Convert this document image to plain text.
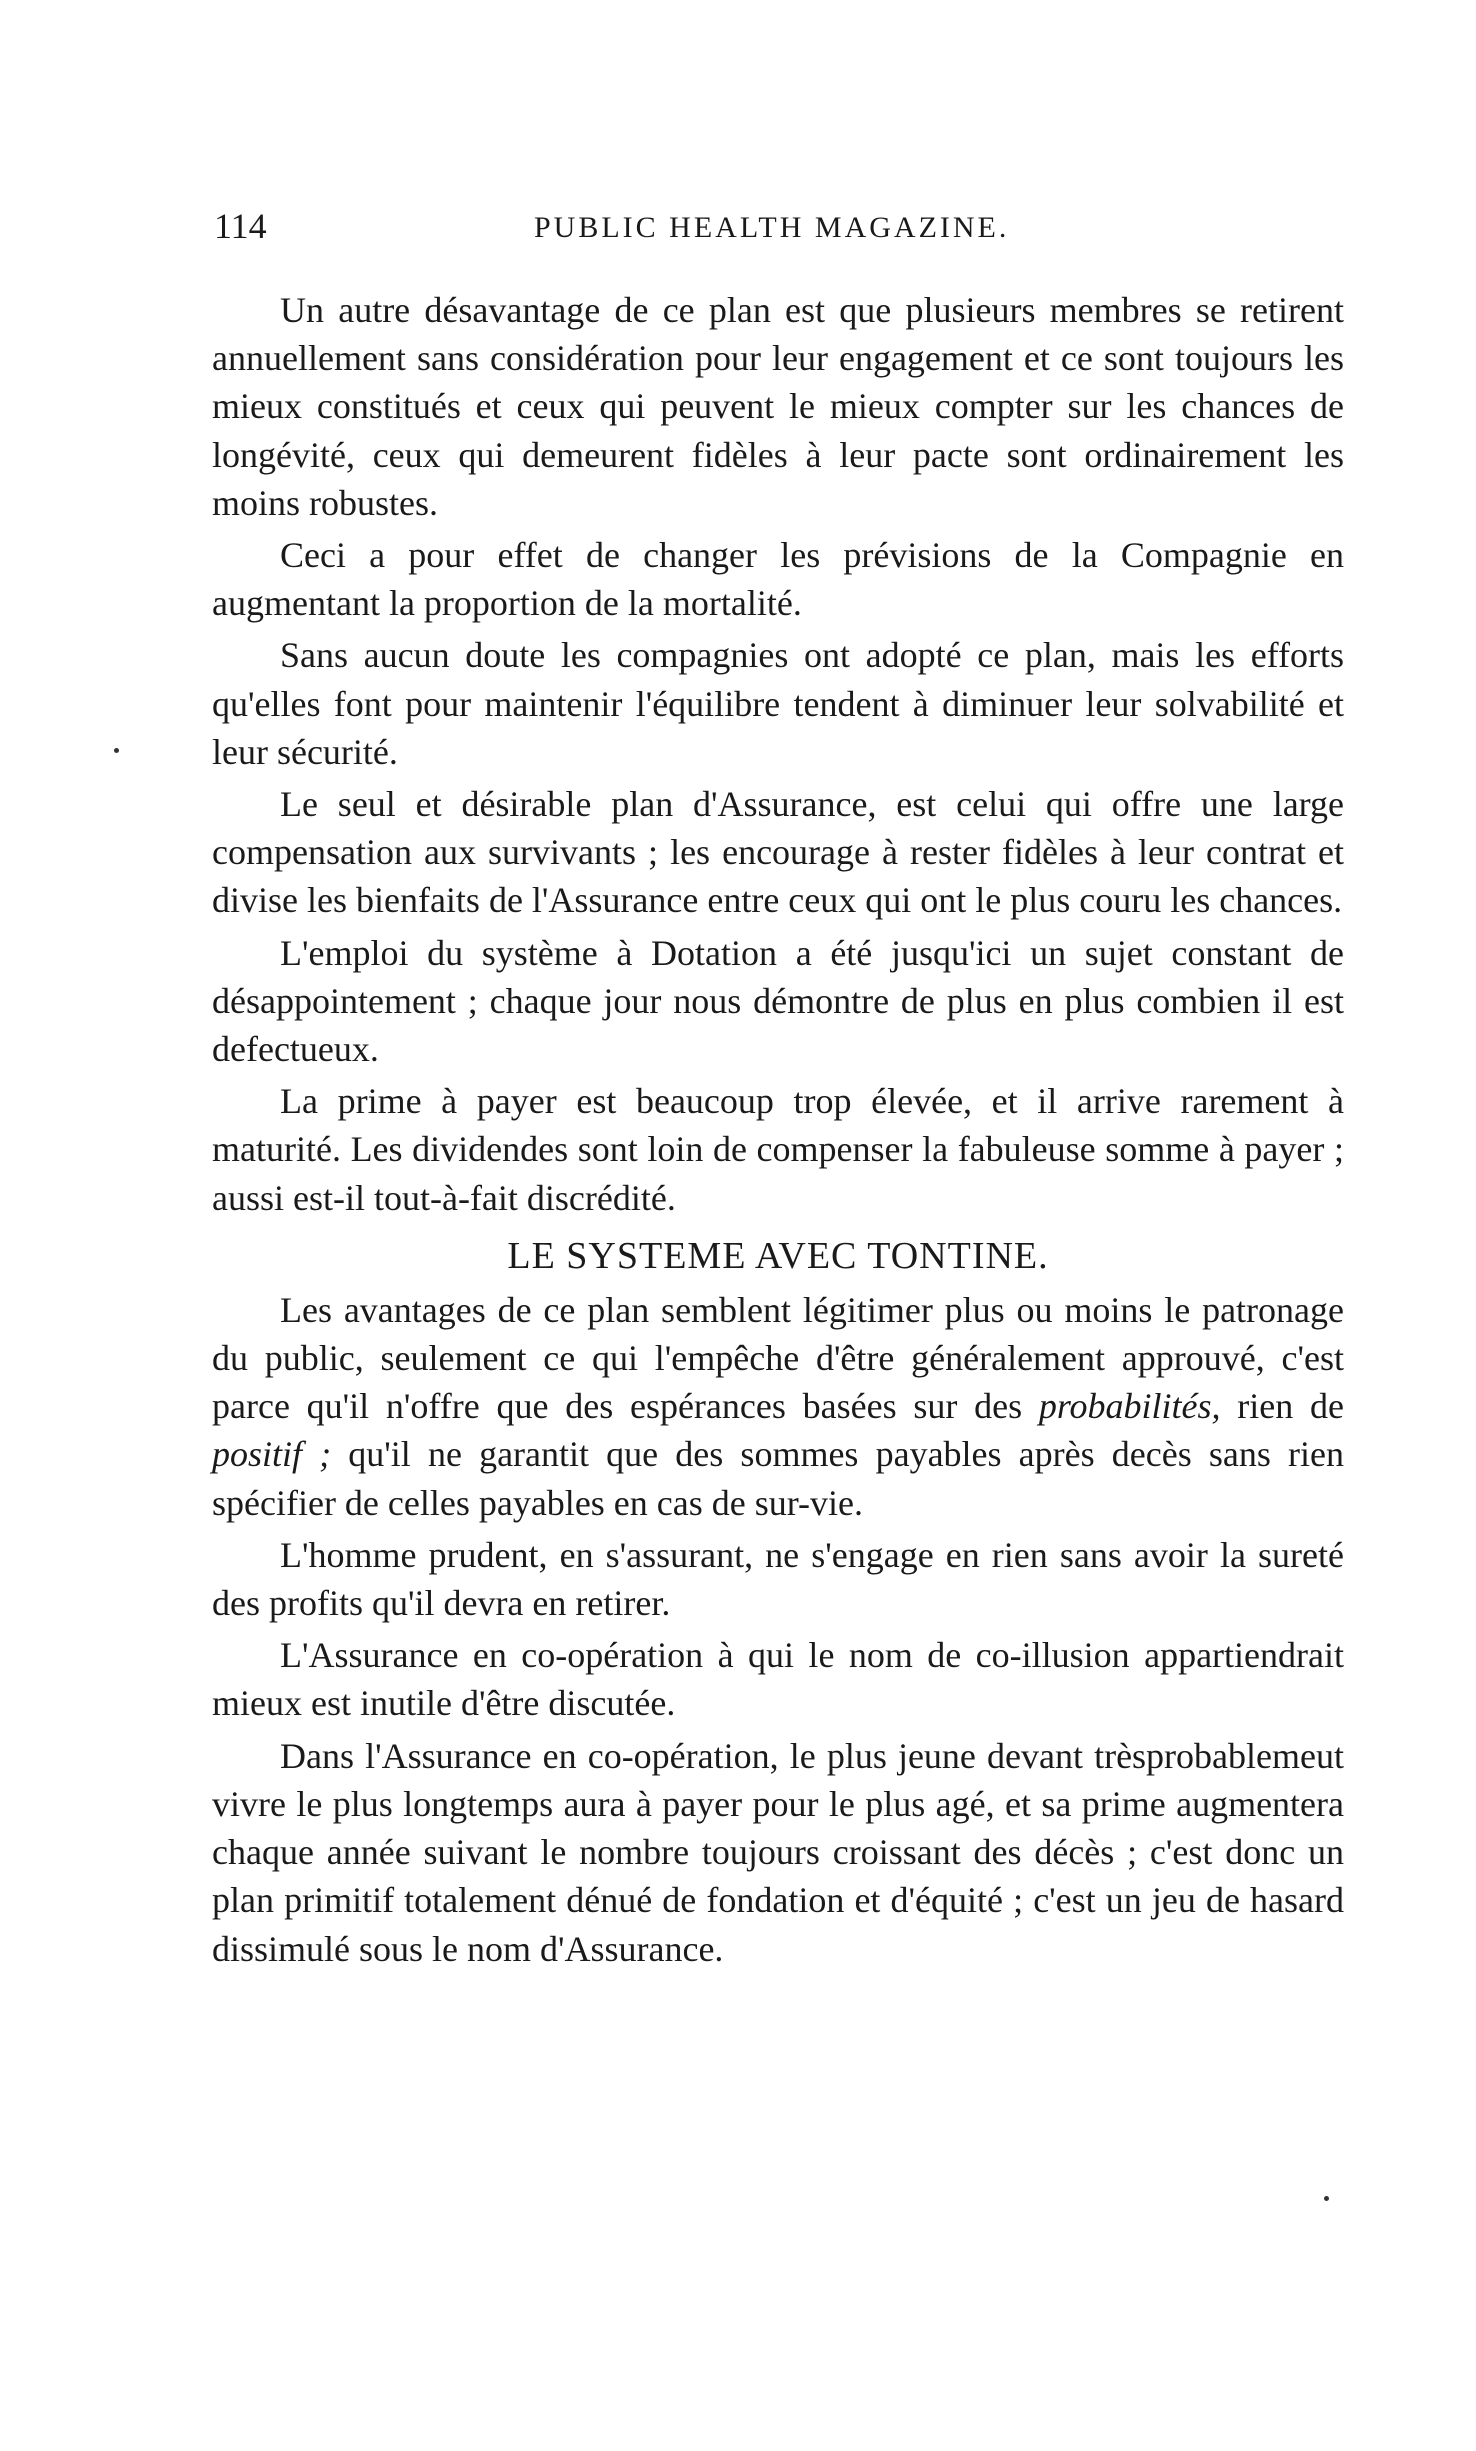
114	PUBLIC HEALTH MAGAZINE.

Un autre désavantage de ce plan est que plusieurs membres se retirent annuellement sans considération pour leur engagement et ce sont toujours les mieux constitués et ceux qui peuvent le mieux compter sur les chances de longévité, ceux qui demeurent fidèles à leur pacte sont ordinairement les moins robustes.

Ceci a pour effet de changer les prévisions de la Compagnie en augmentant la proportion de la mortalité.

Sans aucun doute les compagnies ont adopté ce plan, mais les efforts qu'elles font pour maintenir l'équilibre tendent à diminuer leur solvabilité et leur sécurité.

Le seul et désirable plan d'Assurance, est celui qui offre une large compensation aux survivants ; les encourage à rester fidèles à leur contrat et divise les bienfaits de l'Assurance entre ceux qui ont le plus couru les chances.

L'emploi du système à Dotation a été jusqu'ici un sujet constant de désappointement ; chaque jour nous démontre de plus en plus combien il est defectueux.

La prime à payer est beaucoup trop élevée, et il arrive rarement à maturité. Les dividendes sont loin de compenser la fabuleuse somme à payer ; aussi est-il tout-à-fait discrédité.

LE SYSTEME AVEC TONTINE.

Les avantages de ce plan semblent légitimer plus ou moins le patronage du public, seulement ce qui l'empêche d'être généralement approuvé, c'est parce qu'il n'offre que des espérances basées sur des probabilités, rien de positif ; qu'il ne garantit que des sommes payables après decès sans rien spécifier de celles payables en cas de sur-vie.

L'homme prudent, en s'assurant, ne s'engage en rien sans avoir la sureté des profits qu'il devra en retirer.

L'Assurance en co-opération à qui le nom de co-illusion appartiendrait mieux est inutile d'être discutée.

Dans l'Assurance en co-opération, le plus jeune devant trèsprobablemeut vivre le plus longtemps aura à payer pour le plus agé, et sa prime augmentera chaque année suivant le nombre toujours croissant des décès ; c'est donc un plan primitif totalement dénué de fondation et d'équité ; c'est un jeu de hasard dissimulé sous le nom d'Assurance.
